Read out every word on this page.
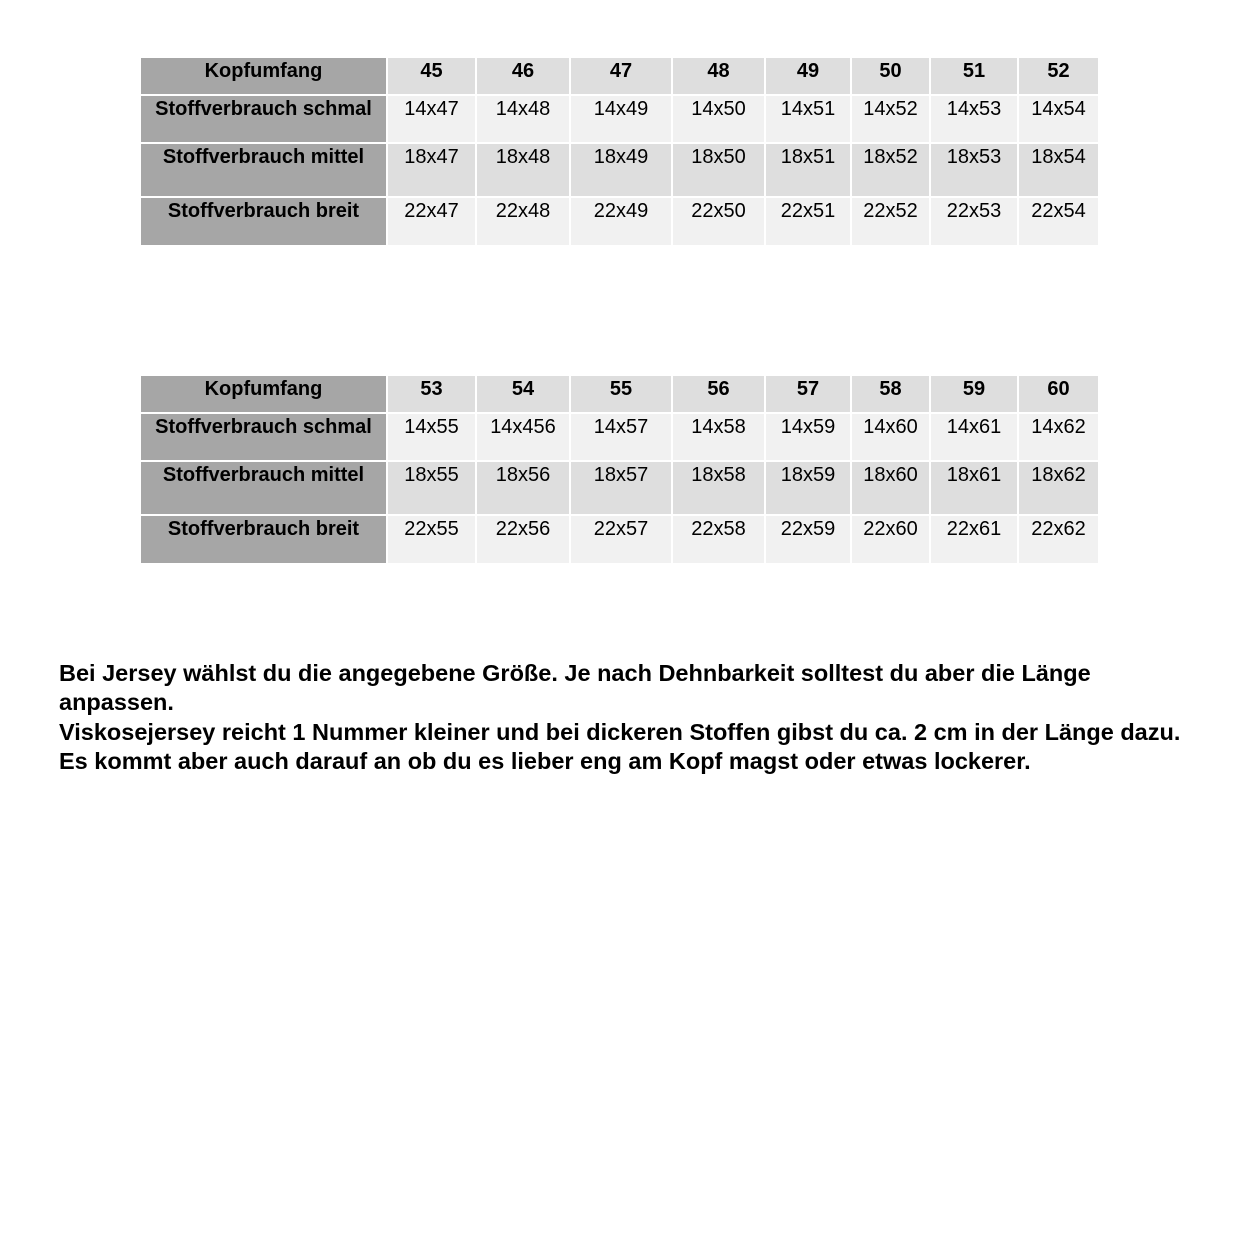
Kopfumfang	45	46	47	48	49	50	51	52
Stoffverbrauch schmal	14x47	14x48	14x49	14x50	14x51	14x52	14x53	14x54
Stoffverbrauch mittel	18x47	18x48	18x49	18x50	18x51	18x52	18x53	18x54
Stoffverbrauch breit	22x47	22x48	22x49	22x50	22x51	22x52	22x53	22x54
Kopfumfang	53	54	55	56	57	58	59	60
Stoffverbrauch schmal	14x55	14x456	14x57	14x58	14x59	14x60	14x61	14x62
Stoffverbrauch mittel	18x55	18x56	18x57	18x58	18x59	18x60	18x61	18x62
Stoffverbrauch breit	22x55	22x56	22x57	22x58	22x59	22x60	22x61	22x62

Bei Jersey wählst du die angegebene Größe. Je nach Dehnbarkeit solltest du aber die Länge anpassen.

Viskosejersey reicht 1 Nummer kleiner und bei dickeren Stoffen gibst du ca. 2 cm in der Länge dazu.

Es kommt aber auch darauf an ob du es lieber eng am Kopf magst oder etwas lockerer.
